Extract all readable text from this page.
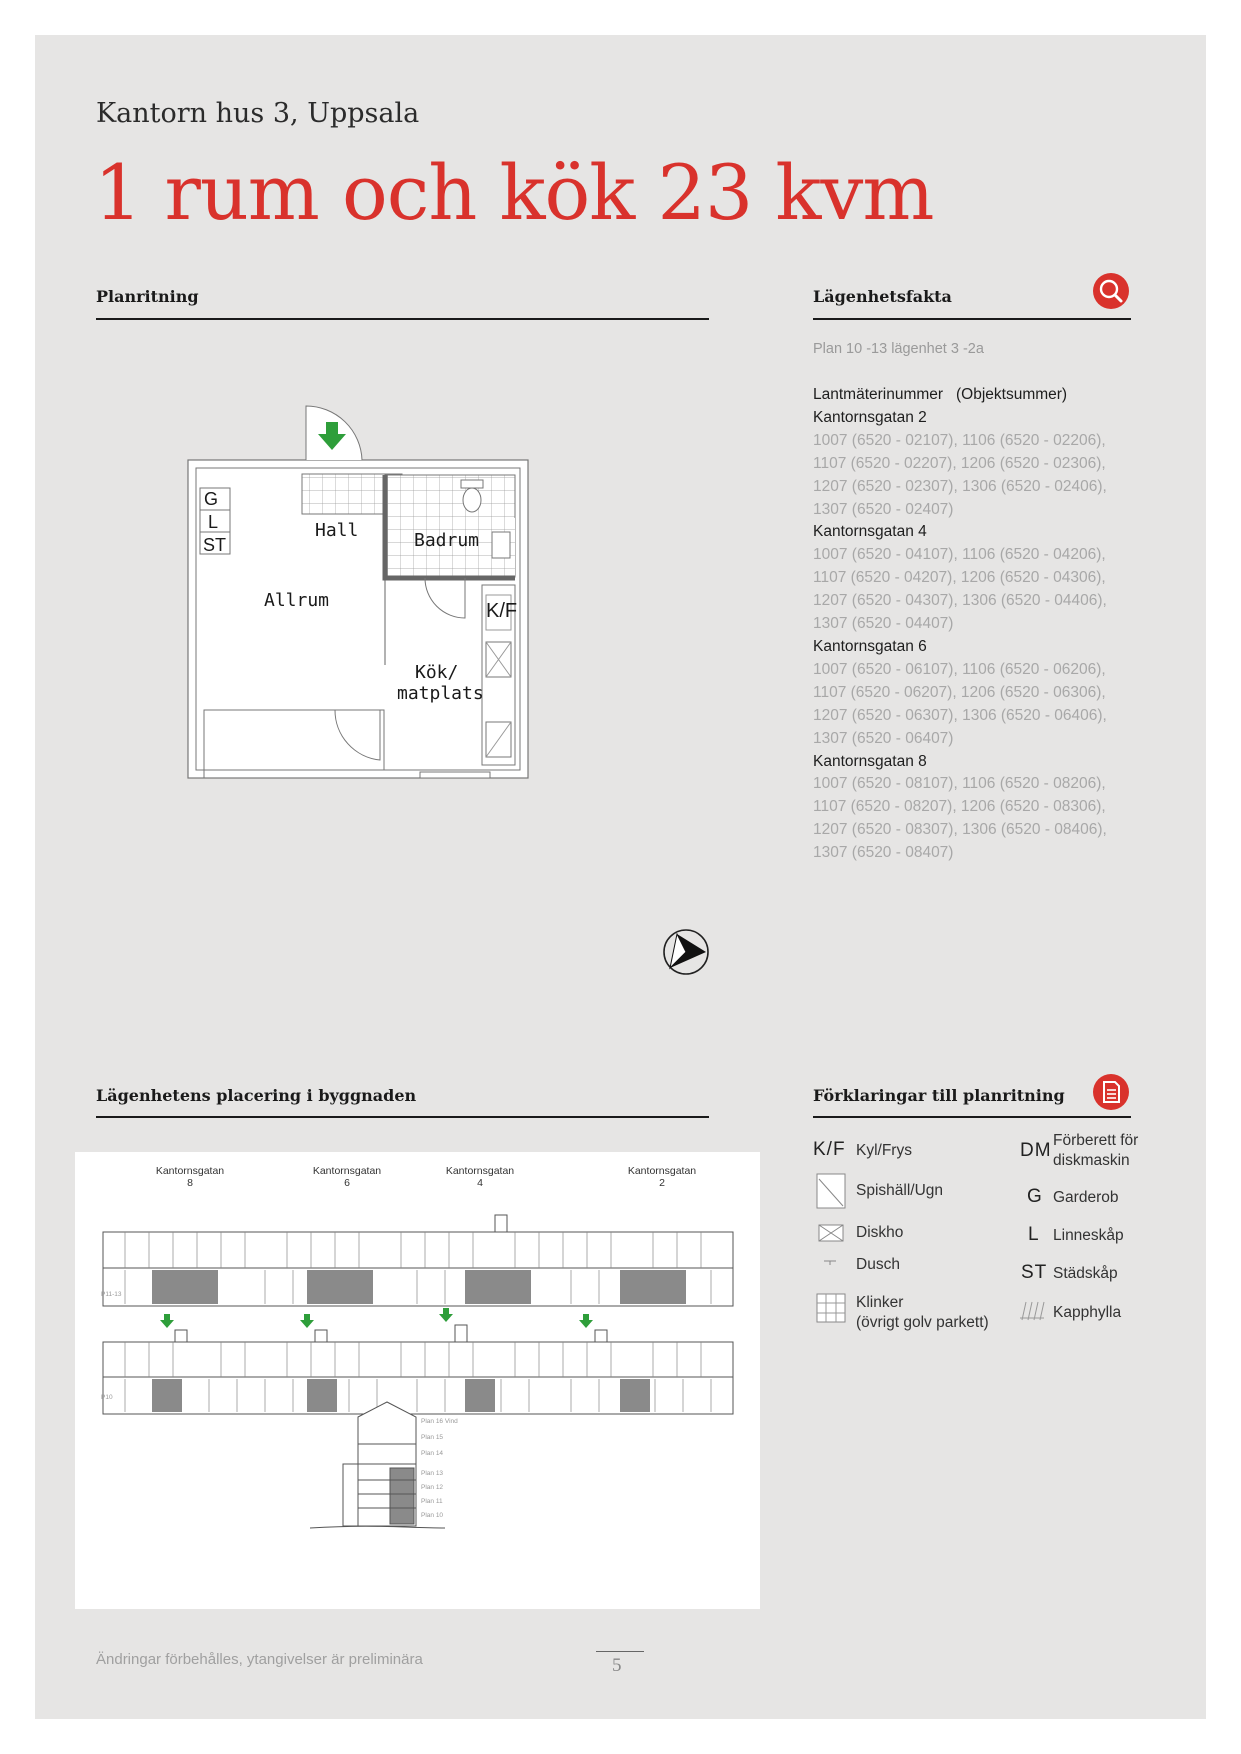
Kantorn hus 3, Uppsala
1 rum och kök 23 kvm
Planritning	Lägenhetsfakta
Plan 10 -13 lägenhet 3 -2a
Lantmäterinummer (Objektsummer)
Kantornsgatan 2
1007 (6520 - 02107), 1106 (6520 - 02206),
1107 (6520 - 02207), 1206 (6520 - 02306),
1207 (6520 - 02307), 1306 (6520 - 02406),
1307 (6520 - 02407)
Kantornsgatan 4
1007 (6520 - 04107), 1106 (6520 - 04206),
1107 (6520 - 04207), 1206 (6520 - 04306),
1207 (6520 - 04307), 1306 (6520 - 04406),
1307 (6520 - 04407)
Kantornsgatan 6
1007 (6520 - 06107), 1106 (6520 - 06206),
1107 (6520 - 06207), 1206 (6520 - 06306),
1207 (6520 - 06307), 1306 (6520 - 06406),
1307 (6520 - 06407)
Kantornsgatan 8
1007 (6520 - 08107), 1106 (6520 - 08206),
1107 (6520 - 08207), 1206 (6520 - 08306),
1207 (6520 - 08307), 1306 (6520 - 08406),
1307 (6520 - 08407)
G
L
ST
Hall	Badrum
Allrum	K/F
Kök/
matplats
Lägenhetens placering i byggnaden
Kantornsgatan
8
Kantornsgatan
6
Kantornsgatan
4
Kantornsgatan
2
P11-13
P10
Plan 16 Vind
Plan 15
Plan 14
Plan 13
Plan 12
Plan 11
Plan 10
Förklaringar till planritning
K/F Kyl/Frys
Spishäll/Ugn
Diskho
Dusch
Klinker
(övrigt golv parkett)
DM Förberett för
diskmaskin
G Garderob
L Linneskåp
ST Städskåp
Kapphylla
Ändringar förbehålles, ytangivelser är preliminära	5
